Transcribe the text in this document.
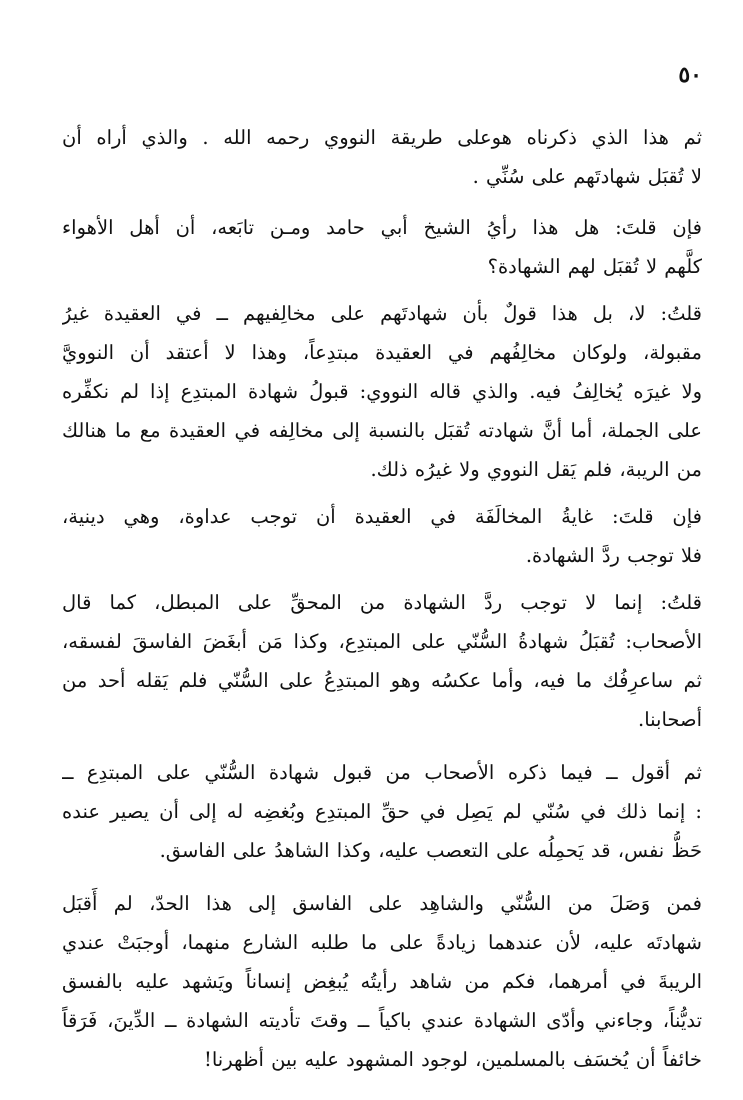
٥٠

ثم هذا الذي ذكرناه هوعلى طريقة النووي رحمه الله . والذي أراه أن
لا تُقبَل شهادتَهم على سُنِّي .

فإن قلتَ: هل هذا رأيُ الشيخ أبي حامد ومـن تابَعه، أن أهل الأهواء
كلَّهم لا تُقبَل لهم الشهادة؟

قلتُ: لا، بل هذا قولٌ بأن شهادتَهم على مخالِفيهم ــ في العقيدة غيرُ
مقبولة، ولوكان مخالِفُهم في العقيدة مبتدِعاً، وهذا لا أعتقد أن النوويَّ
ولا غيرَه يُخالِفُ فيه. والذي قاله النووي: قبولُ شهادة المبتدِع إذا لم نكفِّره
على الجملة، أما أنَّ شهادته تُقبَل بالنسبة إلى مخالِفه في العقيدة مع ما هنالك
من الريبة، فلم يَقل النووي ولا غيرُه ذلك.

فإن قلتَ: غايةُ المخالَفَة في العقيدة أن توجب عداوة، وهي دينية،
فلا توجب ردَّ الشهادة.

قلتُ: إنما لا توجب ردَّ الشهادة من المحقِّ على المبطل، كما قال
الأصحاب: تُقبَلُ شهادةُ السُّنّي على المبتدِع، وكذا مَن أبغَضَ الفاسقَ لفسقه،
ثم ساعرِفُك ما فيه، وأما عكسُه وهو المبتدِعُ على السُّنّي فلم يَقله أحد من
أصحابنا.

ثم أقول ــ فيما ذكره الأصحاب من قبول شهادة السُّنّي على المبتدِع ــ
: إنما ذلك في سُنّي لم يَصِل في حقِّ المبتدِع وبُغضِه له إلى أن يصير عنده
حَظُّ نفس، قد يَحمِلُه على التعصب عليه، وكذا الشاهدُ على الفاسق.

فمن وَصَلَ من السُّنّي والشاهِد على الفاسق إلى هذا الحدّ، لم أَقبَل
شهادتَه عليه، لأن عندهما زيادةً على ما طلبه الشارع منهما، أوجبَتْ عندي
الريبةَ في أمرهما، فكم من شاهد رأيتُه يُبغِض إنساناً ويَشهد عليه بالفسق
تديُّناً، وجاءني وأدّى الشهادة عندي باكياً ــ وقتَ تأديته الشهادة ــ الدِّينَ، فَرَقاً
خائفاً أن يُخسَف بالمسلمين، لوجود المشهود عليه بين أظهرنا!
